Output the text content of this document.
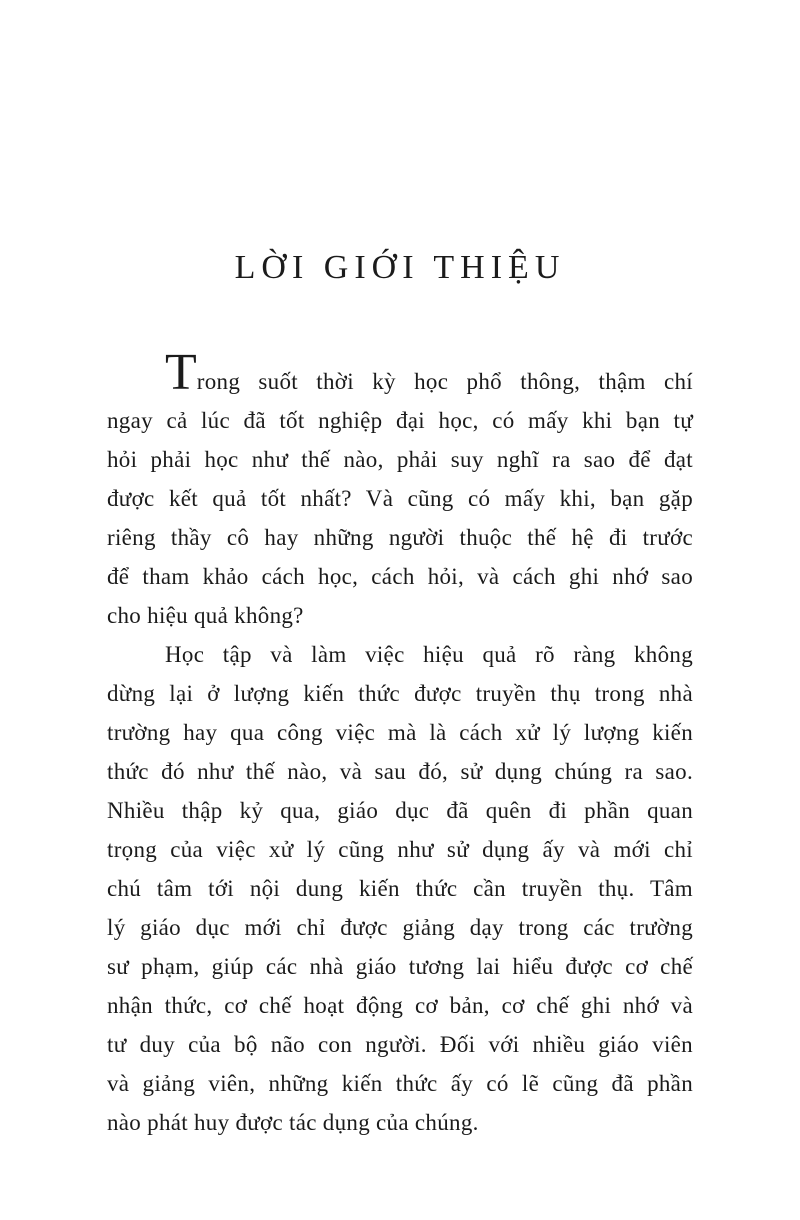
LỜI GIỚI THIỆU
Trong suốt thời kỳ học phổ thông, thậm chí
ngay cả lúc đã tốt nghiệp đại học, có mấy khi bạn tự
hỏi phải học như thế nào, phải suy nghĩ ra sao để đạt
được kết quả tốt nhất? Và cũng có mấy khi, bạn gặp
riêng thầy cô hay những người thuộc thế hệ đi trước
để tham khảo cách học, cách hỏi, và cách ghi nhớ sao
cho hiệu quả không?
Học tập và làm việc hiệu quả rõ ràng không
dừng lại ở lượng kiến thức được truyền thụ trong nhà
trường hay qua công việc mà là cách xử lý lượng kiến
thức đó như thế nào, và sau đó, sử dụng chúng ra sao.
Nhiều thập kỷ qua, giáo dục đã quên đi phần quan
trọng của việc xử lý cũng như sử dụng ấy và mới chỉ
chú tâm tới nội dung kiến thức cần truyền thụ. Tâm
lý giáo dục mới chỉ được giảng dạy trong các trường
sư phạm, giúp các nhà giáo tương lai hiểu được cơ chế
nhận thức, cơ chế hoạt động cơ bản, cơ chế ghi nhớ và
tư duy của bộ não con người. Đối với nhiều giáo viên
và giảng viên, những kiến thức ấy có lẽ cũng đã phần
nào phát huy được tác dụng của chúng.
